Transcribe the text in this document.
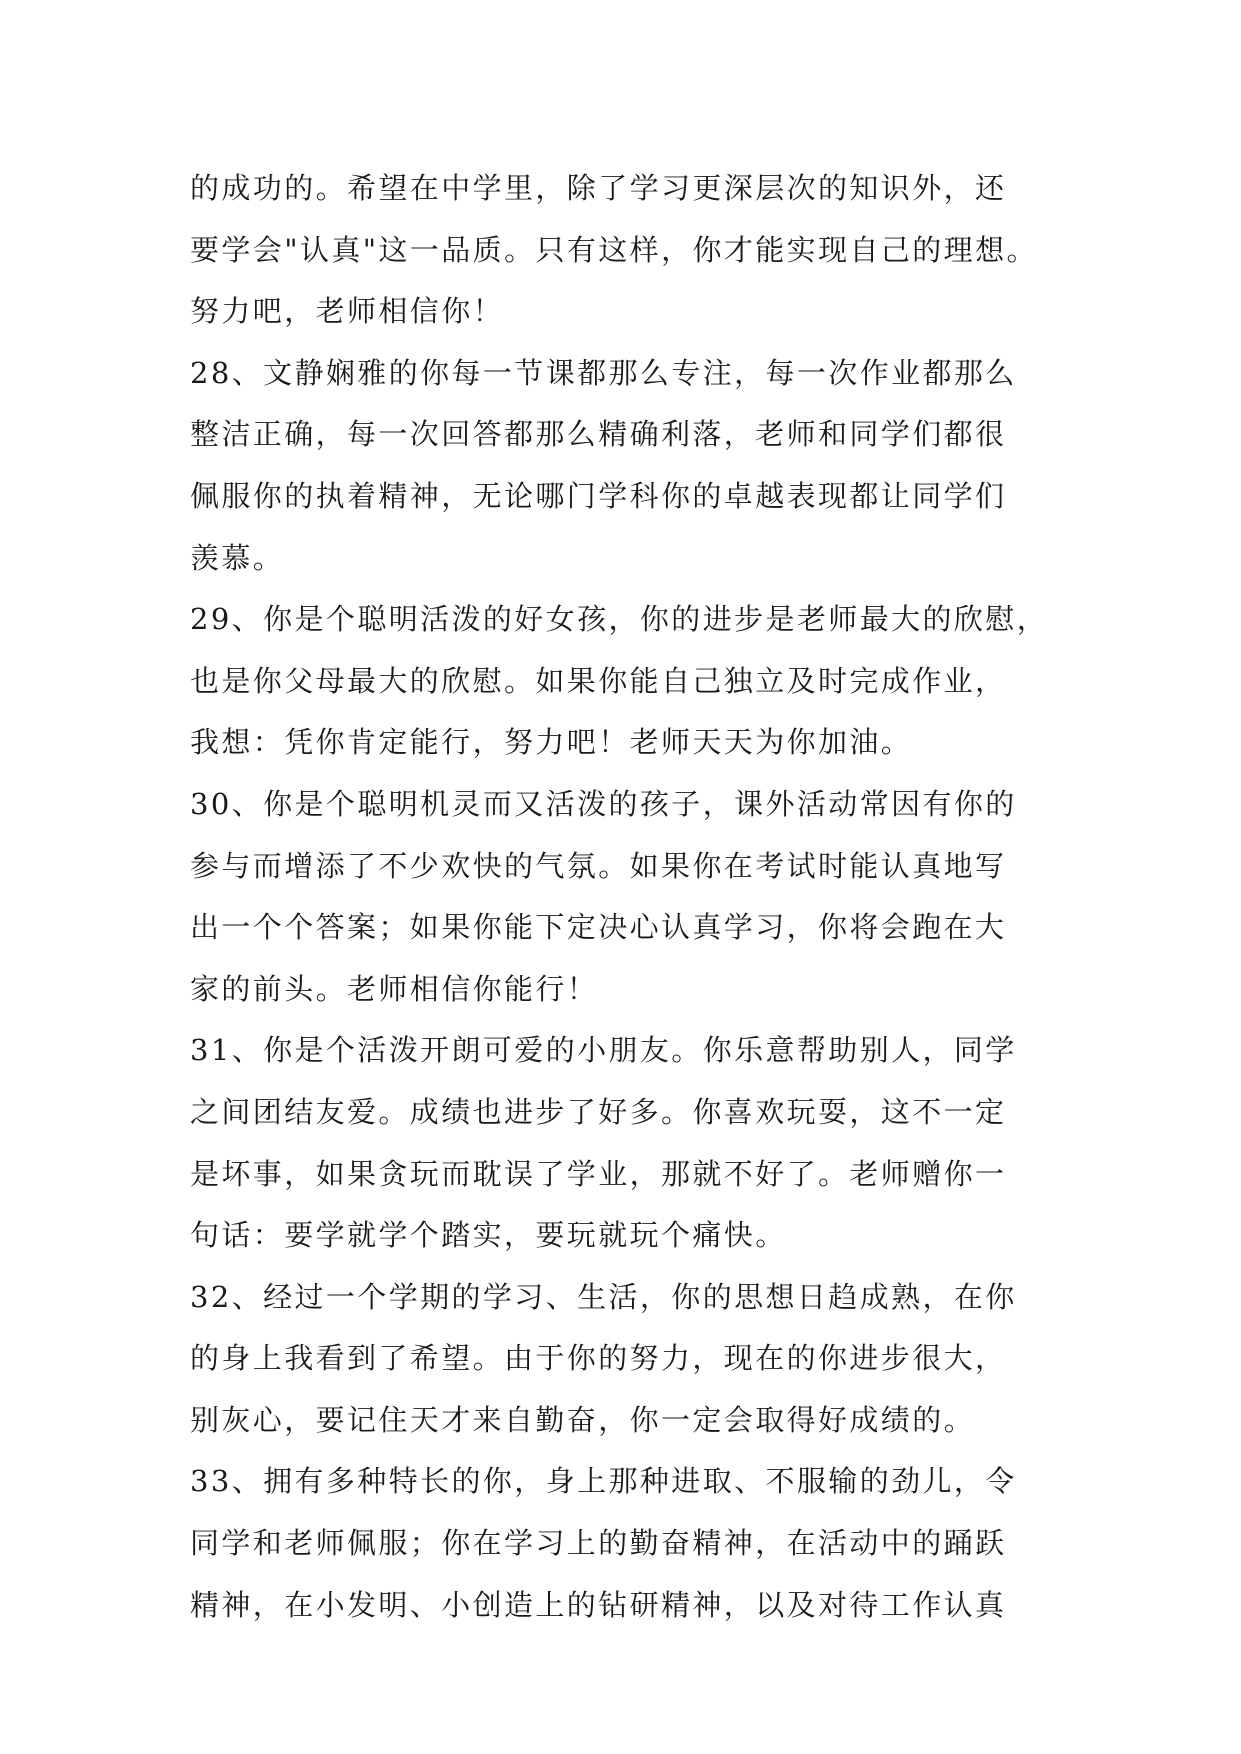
的成功的。希望在中学里，除了学习更深层次的知识外，还
要学会"认真"这一品质。只有这样，你才能实现自己的理想。
努力吧，老师相信你！
28、文静娴雅的你每一节课都那么专注，每一次作业都那么
整洁正确，每一次回答都那么精确利落，老师和同学们都很
佩服你的执着精神，无论哪门学科你的卓越表现都让同学们
羡慕。
29、你是个聪明活泼的好女孩，你的进步是老师最大的欣慰，
也是你父母最大的欣慰。如果你能自己独立及时完成作业，
我想：凭你肯定能行，努力吧！老师天天为你加油。
30、你是个聪明机灵而又活泼的孩子，课外活动常因有你的
参与而增添了不少欢快的气氛。如果你在考试时能认真地写
出一个个答案；如果你能下定决心认真学习，你将会跑在大
家的前头。老师相信你能行！
31、你是个活泼开朗可爱的小朋友。你乐意帮助别人，同学
之间团结友爱。成绩也进步了好多。你喜欢玩耍，这不一定
是坏事，如果贪玩而耽误了学业，那就不好了。老师赠你一
句话：要学就学个踏实，要玩就玩个痛快。
32、经过一个学期的学习、生活，你的思想日趋成熟，在你
的身上我看到了希望。由于你的努力，现在的你进步很大，
别灰心，要记住天才来自勤奋，你一定会取得好成绩的。
33、拥有多种特长的你，身上那种进取、不服输的劲儿，令
同学和老师佩服；你在学习上的勤奋精神，在活动中的踊跃
精神，在小发明、小创造上的钻研精神，以及对待工作认真
